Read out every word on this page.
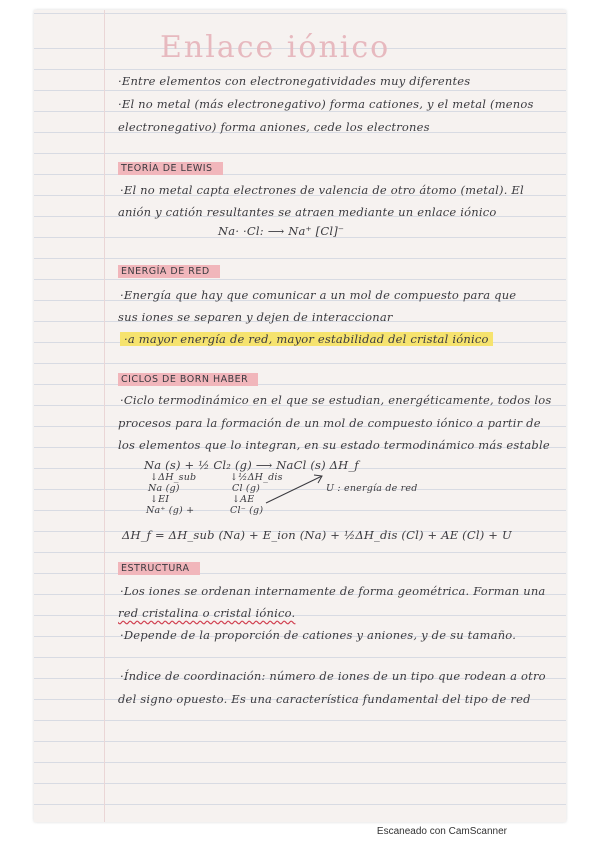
Enlace iónico
·Entre elementos con electronegatividades muy diferentes
·El no metal (más electronegativo) forma cationes, y el metal (menos
electronegativo) forma aniones, cede los electrones
TEORÍA DE LEWIS
·El no metal capta electrones de valencia de otro átomo (metal). El
anión y catión resultantes se atraen mediante un enlace iónico
Na· ·Cl: ⟶ Na⁺ [Cl]⁻
ENERGÍA DE RED
·Energía que hay que comunicar a un mol de compuesto para que
sus iones se separen y dejen de interaccionar
·a mayor energía de red, mayor estabilidad del cristal iónico
CICLOS DE BORN HABER
·Ciclo termodinámico en el que se estudian, energéticamente, todos los
procesos para la formación de un mol de compuesto iónico a partir de
los elementos que lo integran, en su estado termodinámico más estable
Na (s) + ½ Cl₂ (g) ⟶ NaCl (s) ΔH_f
↓ΔH_sub
Na (g)
↓EI
Na⁺ (g) +
↓½ΔH_dis
Cl (g)
↓AE
Cl⁻ (g)
U : energía de red
ΔH_f = ΔH_sub (Na) + E_ion (Na) + ½ΔH_dis (Cl) + AE (Cl) + U
ESTRUCTURA
·Los iones se ordenan internamente de forma geométrica. Forman una
red cristalina o cristal iónico.
·Depende de la proporción de cationes y aniones, y de su tamaño.
·Índice de coordinación: número de iones de un tipo que rodean a otro
del signo opuesto. Es una característica fundamental del tipo de red
Escaneado con CamScanner
